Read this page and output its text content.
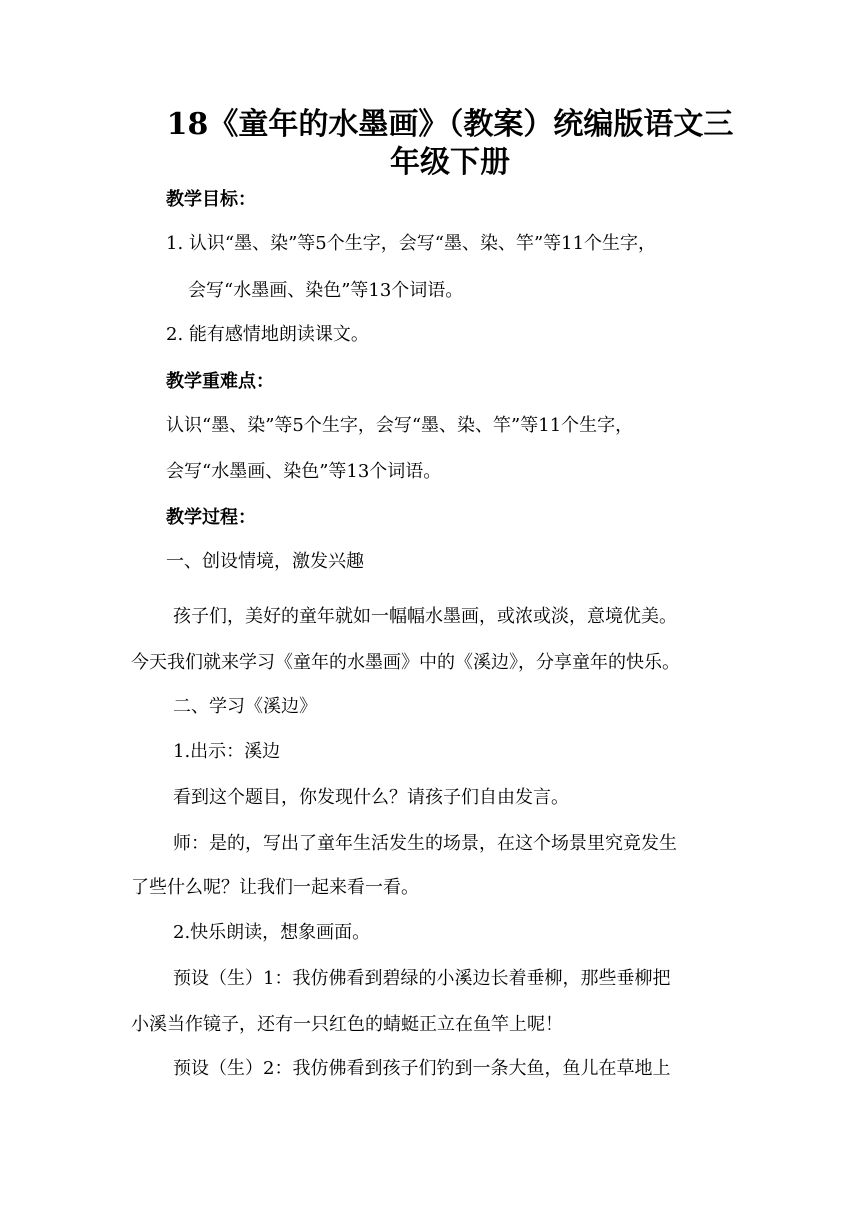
18《童年的水墨画》（教案）统编版语文三
年级下册
教学目标：
1. 认识“墨、染”等5个生字，会写“墨、染、竿”等11个生字，
会写“水墨画、染色”等13个词语。
2. 能有感情地朗读课文。
教学重难点：
认识“墨、染”等5个生字，会写“墨、染、竿”等11个生字，
会写“水墨画、染色”等13个词语。
教学过程：
一、创设情境，激发兴趣
孩子们，美好的童年就如一幅幅水墨画，或浓或淡，意境优美。
今天我们就来学习《童年的水墨画》中的《溪边》，分享童年的快乐。
二、学习《溪边》
1.出示：溪边
看到这个题目，你发现什么？请孩子们自由发言。
师：是的，写出了童年生活发生的场景，在这个场景里究竟发生
了些什么呢？让我们一起来看一看。
2.快乐朗读，想象画面。
预设（生）1：我仿佛看到碧绿的小溪边长着垂柳，那些垂柳把
小溪当作镜子，还有一只红色的蜻蜓正立在鱼竿上呢！
预设（生）2：我仿佛看到孩子们钓到一条大鱼，鱼儿在草地上
